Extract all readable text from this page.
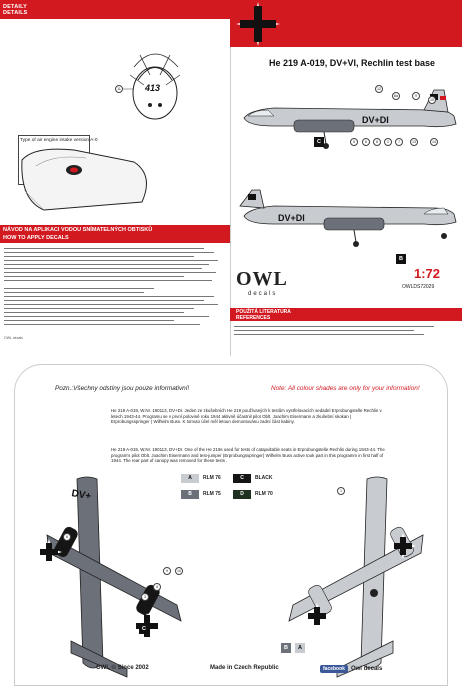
DETAILY
DETAILS
11	413
Type of air engine intake version A-0
NÁVOD NA APLIKACI VODOU SNÍMATELNÝCH OBTISKŮ
HOW TO APPLY DECALS
OWL decals
He 219 A-019, DV+VI, Rechlin test base
DV+DI
C
12
8a	9
10
5	6	8	2	7	13	14
DV+DI
B
OWL
decals
1:72
OWLDS72029
POUŽITÁ LITERATURA
REFERENCES
Pozn.:Všechny odstíny jsou pouze informativní!	Note: All colour shades are only for your information!
He 219 A-019, W.Nr. 190113, DV+DI. Jeden ze zkušebních He 219 používaných k testům vystřelovacích sedadel Erprobungstelle Rechlin v letech 1943-44. Programu se v první polovině roku 1944 aktivně účastnil pilot Oblt. Joachim Eisermann a zkušební skokan ( Erprobungsspringer ) Wilhelm Buss. K tomuto účel měl letoun demontovánu zadní část kabiny.
He 219 A-019, W.Nr. 190113, DV+DI. One of the He 219s used for tests of catapultable seats in Erprobungstelle Rechlin during 1943-44. The program's pilot Oblt. Joachim Eisermann and test-jumper (Erprobungsspringer) Wilhelm Buss active took part in this programm in first half of 1944. The rear part of canopy was removed for these tests .
A	RLM 76	C	BLACK
B	RLM 75	D	RLM 70
DV+
C
6
9	10
4
3
1
B	A
OWL © Since 2002	Made in Czech Republic	facebook Owl decals
